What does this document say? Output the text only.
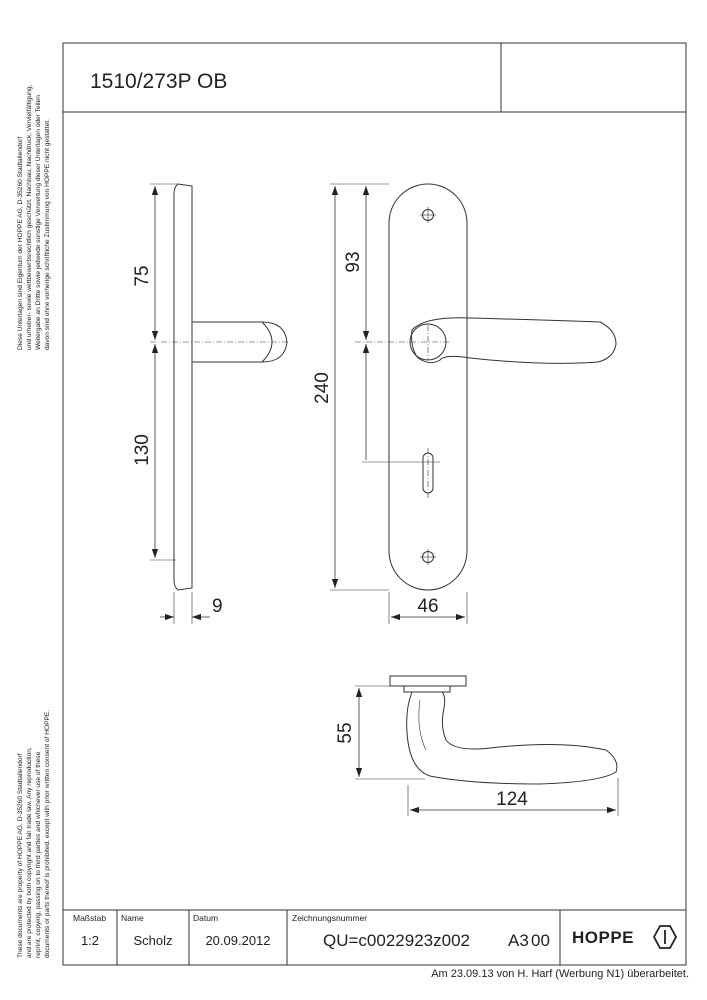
1510/273P OB
Diese Unterlagen sind Eigentum der HOPPE AG, D-35260 Stadtallendorf und urheber- sowie wettbewerbsrechtlich geschützt. Nachbau, Nachdruck, Vervielfältigung, Weitergabe an Dritte sowie jedwede sonstige Verwertung dieser Unterlagen oder Teilen davon sind ohne vorherige schriftliche Zustimmung von HOPPE nicht gestattet.
These documents are property of HOPPE AG, D-35260 Stadtallendorf and are protected by both copyright and fair trade law. Any reproduction, reprint, copying, passing on to third parties and whichever use of these documents or parts thereof is prohibited, except with prior written consent of HOPPE.
75
130
9
93
240
46
55
124
Maßstab
1:2
Name
Scholz
Datum
20.09.2012
Zeichnungsnummer
QU=c0022923z002 A3 00 HOPPE
Am 23.09.13 von H. Harf (Werbung N1) überarbeitet.
